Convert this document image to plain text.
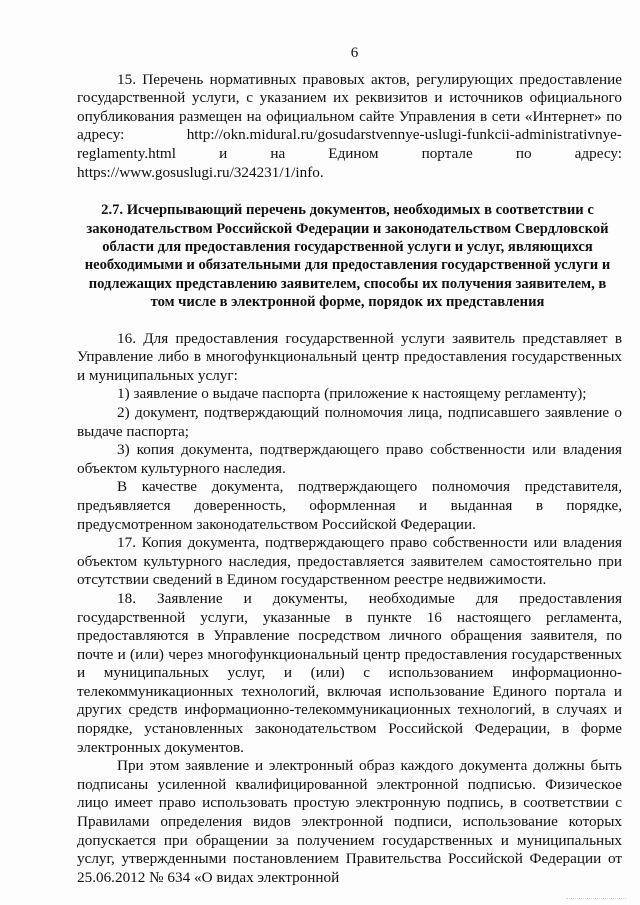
6

15. Перечень нормативных правовых актов, регулирующих предоставление государственной услуги, с указанием их реквизитов и источников официального опубликования размещен на официальном сайте Управления в сети «Интернет» по адресу: http://okn.midural.ru/gosudarstvennye-uslugi-funkcii-administrativnye-reglamenty.html и на Едином портале по адресу: https://www.gosuslugi.ru/324231/1/info.

2.7. Исчерпывающий перечень документов, необходимых в соответствии с законодательством Российской Федерации и законодательством Свердловской области для предоставления государственной услуги и услуг, являющихся необходимыми и обязательными для предоставления государственной услуги и подлежащих представлению заявителем, способы их получения заявителем, в том числе в электронной форме, порядок их представления

16. Для предоставления государственной услуги заявитель представляет в Управление либо в многофункциональный центр предоставления государственных и муниципальных услуг:

1) заявление о выдаче паспорта (приложение к настоящему регламенту);

2) документ, подтверждающий полномочия лица, подписавшего заявление о выдаче паспорта;

3) копия документа, подтверждающего право собственности или владения объектом культурного наследия.

В качестве документа, подтверждающего полномочия представителя, предъявляется доверенность, оформленная и выданная в порядке, предусмотренном законодательством Российской Федерации.

17. Копия документа, подтверждающего право собственности или владения объектом культурного наследия, предоставляется заявителем самостоятельно при отсутствии сведений в Едином государственном реестре недвижимости.

18. Заявление и документы, необходимые для предоставления государственной услуги, указанные в пункте 16 настоящего регламента, предоставляются в Управление посредством личного обращения заявителя, по почте и (или) через многофункциональный центр предоставления государственных и муниципальных услуг, и (или) с использованием информационно-телекоммуникационных технологий, включая использование Единого портала и других средств информационно-телекоммуникационных технологий, в случаях и порядке, установленных законодательством Российской Федерации, в форме электронных документов.

При этом заявление и электронный образ каждого документа должны быть подписаны усиленной квалифицированной электронной подписью. Физическое лицо имеет право использовать простую электронную подпись, в соответствии с Правилами определения видов электронной подписи, использование которых допускается при обращении за получением государственных и муниципальных услуг, утвержденными постановлением Правительства Российской Федерации от 25.06.2012 № 634 «О видах электронной
